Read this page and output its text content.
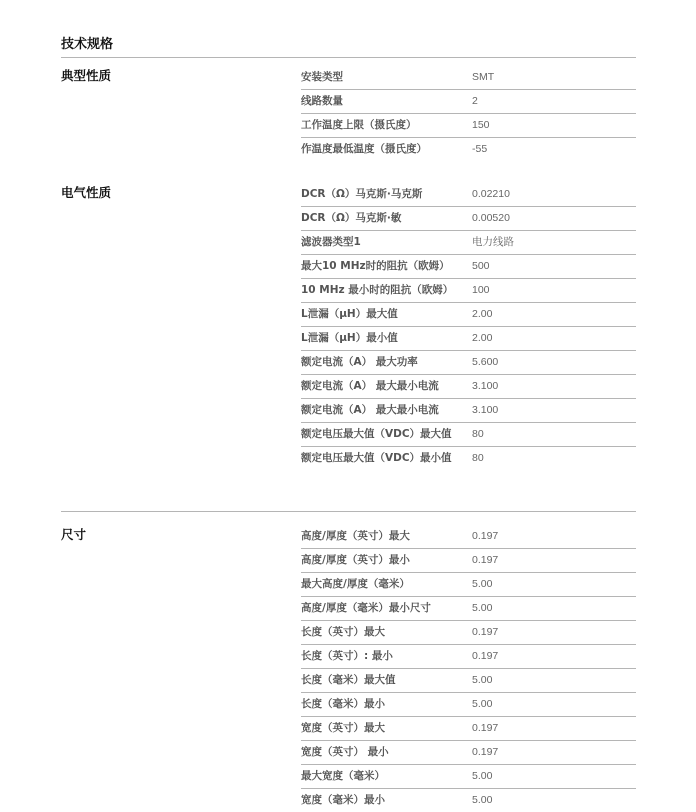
技术规格
典型性质	安装类型	SMT
线路数量	2
工作温度上限（摄氏度）	150
作温度最低温度（摄氏度）	-55
电气性质	DCR（Ω）马克斯·马克斯	0.02210
DCR（Ω）马克斯·敏	0.00520
滤波器类型1	电力线路
最大10 MHz时的阻抗（欧姆）	500
10 MHz 最小时的阻抗（欧姆）	100
L泄漏（μH）最大值	2.00
L泄漏（μH）最小值	2.00
额定电流（A） 最大功率	5.600
额定电流（A） 最大最小电流	3.100
额定电流（A） 最大最小电流	3.100
额定电压最大值（VDC）最大值	80
额定电压最大值（VDC）最小值	80
尺寸	高度/厚度（英寸）最大	0.197
高度/厚度（英寸）最小	0.197
最大高度/厚度（毫米）	5.00
高度/厚度（毫米）最小尺寸	5.00
长度（英寸）最大	0.197
长度（英寸）: 最小	0.197
长度（毫米）最大值	5.00
长度（毫米）最小	5.00
宽度（英寸）最大	0.197
宽度（英寸） 最小	0.197
最大宽度（毫米）	5.00
宽度（毫米）最小	5.00
